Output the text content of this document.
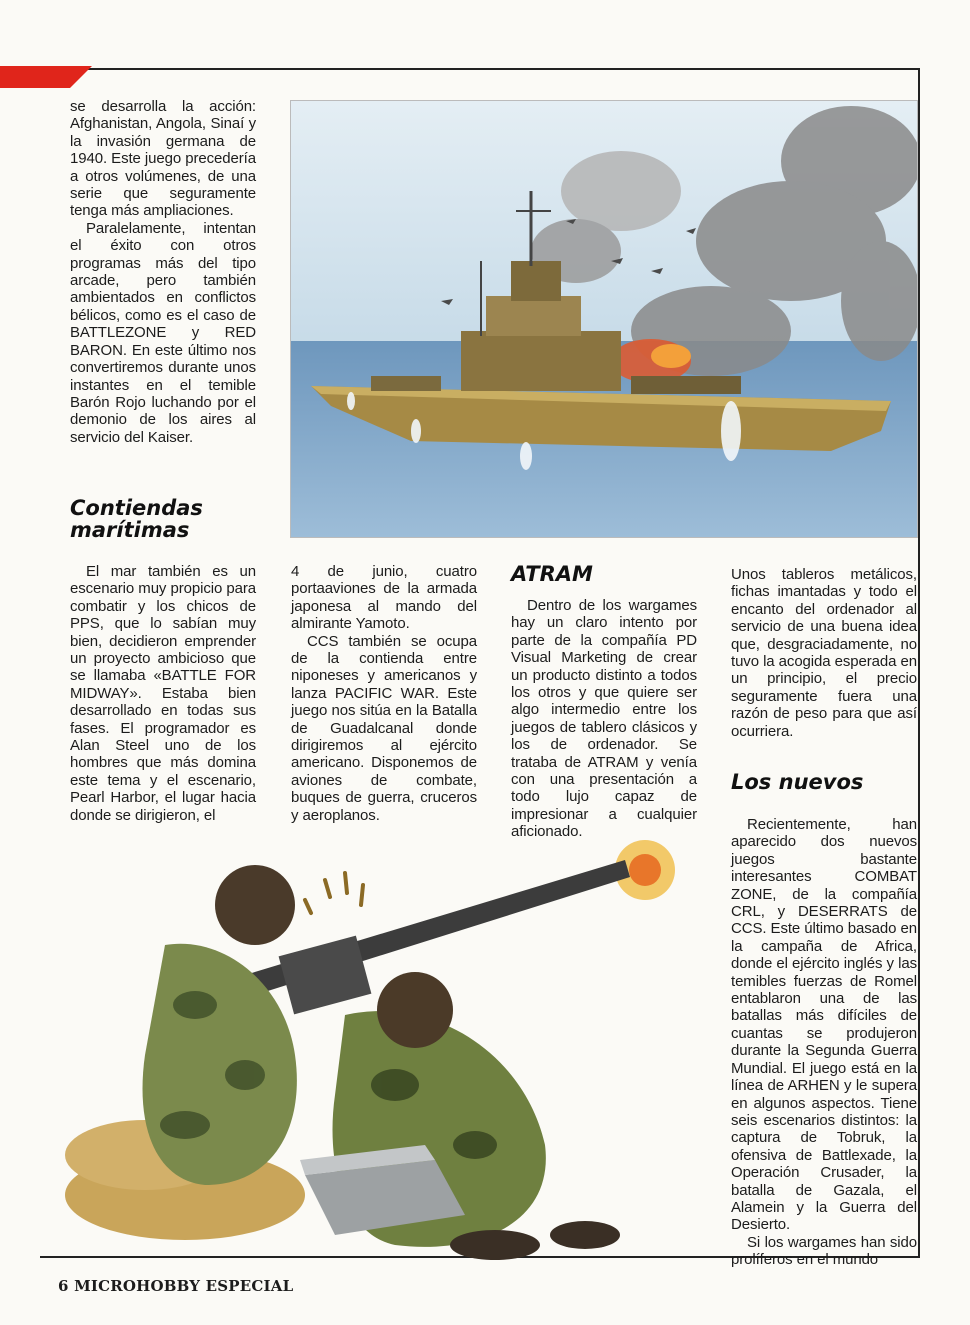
se desarrolla la acción: Afghanistan, Angola, Sinaí y la invasión germana de 1940. Este juego precedería a otros volúmenes, de una serie que seguramente tenga más ampliaciones.

Paralelamente, intentan el éxito con otros programas más del tipo arcade, pero también ambientados en conflictos bélicos, como es el caso de BATTLEZONE y RED BARON. En este último nos convertiremos durante unos instantes en el temible Barón Rojo luchando por el demonio de los aires al servicio del Kaiser.

Contiendas
marítimas

El mar también es un escenario muy propicio para combatir y los chicos de PPS, que lo sabían muy bien, decidieron emprender un proyecto ambicioso que se llamaba «BATTLE FOR MIDWAY». Estaba bien desarrollado en todas sus fases. El programador es Alan Steel uno de los hombres que más domina este tema y el escenario, Pearl Harbor, el lugar hacia donde se dirigieron, el

4 de junio, cuatro portaaviones de la armada japonesa al mando del almirante Yamoto.

CCS también se ocupa de la contienda entre niponeses y americanos y lanza PACIFIC WAR. Este juego nos sitúa en la Batalla de Guadalcanal donde dirigiremos al ejército americano. Disponemos de aviones de combate, buques de guerra, cruceros y aeroplanos.

ATRAM

Dentro de los wargames hay un claro intento por parte de la compañía PD Visual Marketing de crear un producto distinto a todos los otros y que quiere ser algo intermedio entre los juegos de tablero clásicos y los de ordenador. Se trataba de ATRAM y venía con una presentación a todo lujo capaz de impresionar a cualquier aficionado.

Unos tableros metálicos, fichas imantadas y todo el encanto del ordenador al servicio de una buena idea que, desgraciadamente, no tuvo la acogida esperada en un principio, el precio seguramente fuera una razón de peso para que así ocurriera.

Los nuevos

Recientemente, han aparecido dos nuevos juegos bastante interesantes COMBAT ZONE, de la compañía CRL, y DESERRATS de CCS. Este último basado en la campaña de Africa, donde el ejército inglés y las temibles fuerzas de Romel entablaron una de las batallas más difíciles de cuantas se produjeron durante la Segunda Guerra Mundial. El juego está en la línea de ARHEN y le supera en algunos aspectos. Tiene seis escenarios distintos: la captura de Tobruk, la ofensiva de Battlexade, la Operación Crusader, la batalla de Gazala, el Alamein y la Guerra del Desierto.

Si los wargames han sido prolíferos en el mundo

6 MICROHOBBY ESPECIAL
